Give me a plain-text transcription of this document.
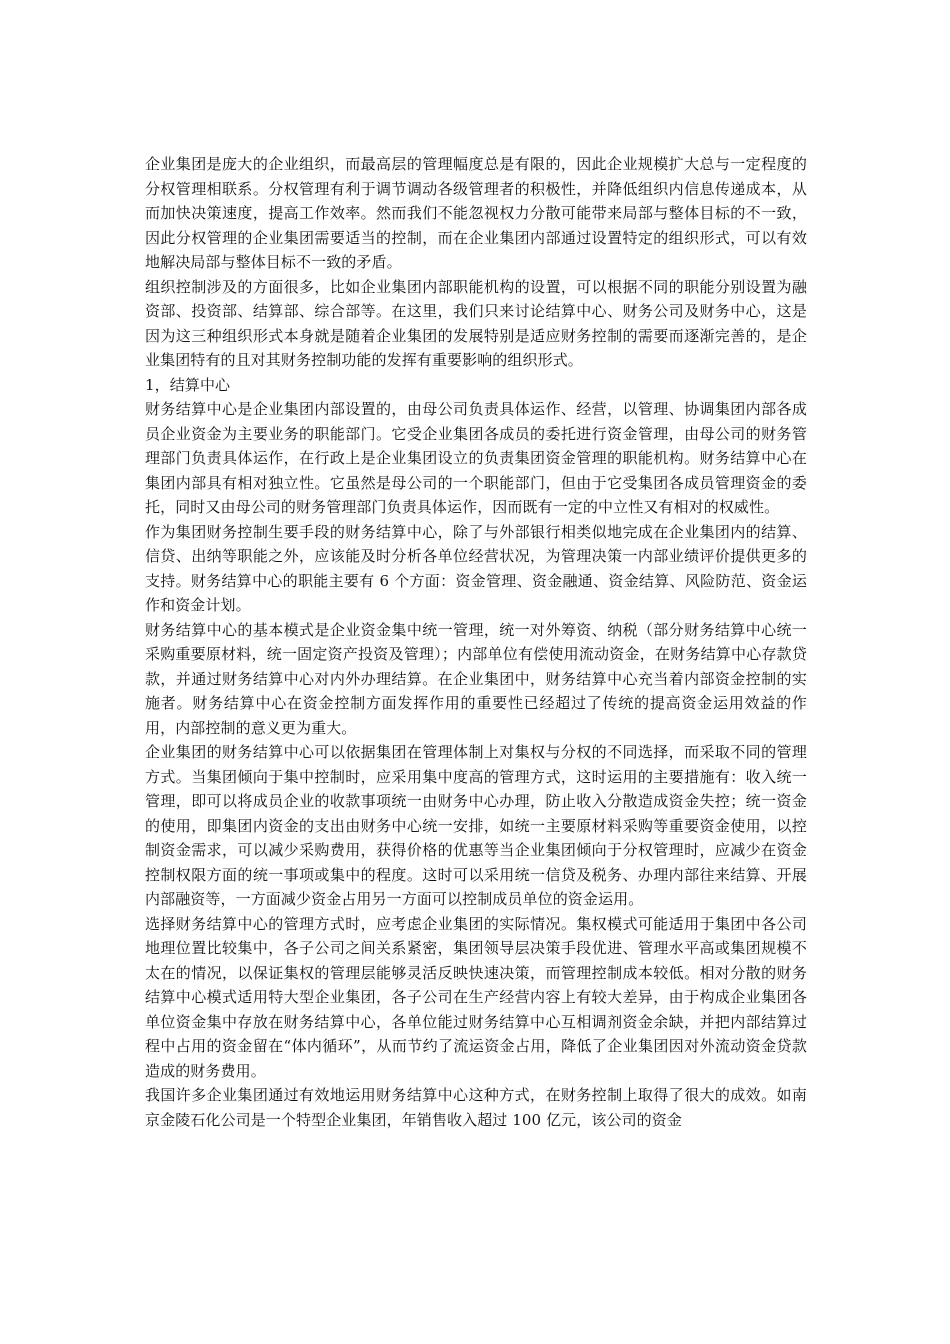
企业集团是庞大的企业组织，而最高层的管理幅度总是有限的，因此企业规模扩大总与一定程度的分权管理相联系。分权管理有利于调节调动各级管理者的积极性，并降低组织内信息传递成本，从而加快决策速度，提高工作效率。然而我们不能忽视权力分散可能带来局部与整体目标的不一致，因此分权管理的企业集团需要适当的控制，而在企业集团内部通过设置特定的组织形式，可以有效地解决局部与整体目标不一致的矛盾。

组织控制涉及的方面很多，比如企业集团内部职能机构的设置，可以根据不同的职能分别设置为融资部、投资部、结算部、综合部等。在这里，我们只来讨论结算中心、财务公司及财务中心，这是因为这三种组织形式本身就是随着企业集团的发展特别是适应财务控制的需要而逐渐完善的，是企业集团特有的且对其财务控制功能的发挥有重要影响的组织形式。

1，结算中心

财务结算中心是企业集团内部设置的，由母公司负责具体运作、经营，以管理、协调集团内部各成员企业资金为主要业务的职能部门。它受企业集团各成员的委托进行资金管理，由母公司的财务管理部门负责具体运作，在行政上是企业集团设立的负责集团资金管理的职能机构。财务结算中心在集团内部具有相对独立性。它虽然是母公司的一个职能部门，但由于它受集团各成员管理资金的委托，同时又由母公司的财务管理部门负责具体运作，因而既有一定的中立性又有相对的权威性。

作为集团财务控制生要手段的财务结算中心，除了与外部银行相类似地完成在企业集团内的结算、信贷、出纳等职能之外，应该能及时分析各单位经营状况，为管理决策一内部业绩评价提供更多的支持。财务结算中心的职能主要有 6 个方面：资金管理、资金融通、资金结算、风险防范、资金运作和资金计划。

财务结算中心的基本模式是企业资金集中统一管理，统一对外筹资、纳税（部分财务结算中心统一采购重要原材料，统一固定资产投资及管理）；内部单位有偿使用流动资金，在财务结算中心存款贷款，并通过财务结算中心对内外办理结算。在企业集团中，财务结算中心充当着内部资金控制的实施者。财务结算中心在资金控制方面发挥作用的重要性已经超过了传统的提高资金运用效益的作用，内部控制的意义更为重大。

企业集团的财务结算中心可以依据集团在管理体制上对集权与分权的不同选择，而采取不同的管理方式。当集团倾向于集中控制时，应采用集中度高的管理方式，这时运用的主要措施有：收入统一管理，即可以将成员企业的收款事项统一由财务中心办理，防止收入分散造成资金失控；统一资金的使用，即集团内资金的支出由财务中心统一安排，如统一主要原材料采购等重要资金使用，以控制资金需求，可以减少采购费用，获得价格的优惠等当企业集团倾向于分权管理时，应减少在资金控制权限方面的统一事项或集中的程度。这时可以采用统一信贷及税务、办理内部往来结算、开展内部融资等，一方面减少资金占用另一方面可以控制成员单位的资金运用。

选择财务结算中心的管理方式时，应考虑企业集团的实际情况。集权模式可能适用于集团中各公司地理位置比较集中，各子公司之间关系紧密，集团领导层决策手段优进、管理水平高或集团规模不太在的情况，以保证集权的管理层能够灵活反映快速决策，而管理控制成本较低。相对分散的财务结算中心模式适用特大型企业集团，各子公司在生产经营内容上有较大差异，由于构成企业集团各单位资金集中存放在财务结算中心，各单位能过财务结算中心互相调剂资金余缺，并把内部结算过程中占用的资金留在“体内循环”，从而节约了流运资金占用，降低了企业集团因对外流动资金贷款造成的财务费用。

我国许多企业集团通过有效地运用财务结算中心这种方式，在财务控制上取得了很大的成效。如南京金陵石化公司是一个特型企业集团，年销售收入超过 100 亿元，该公司的资金
